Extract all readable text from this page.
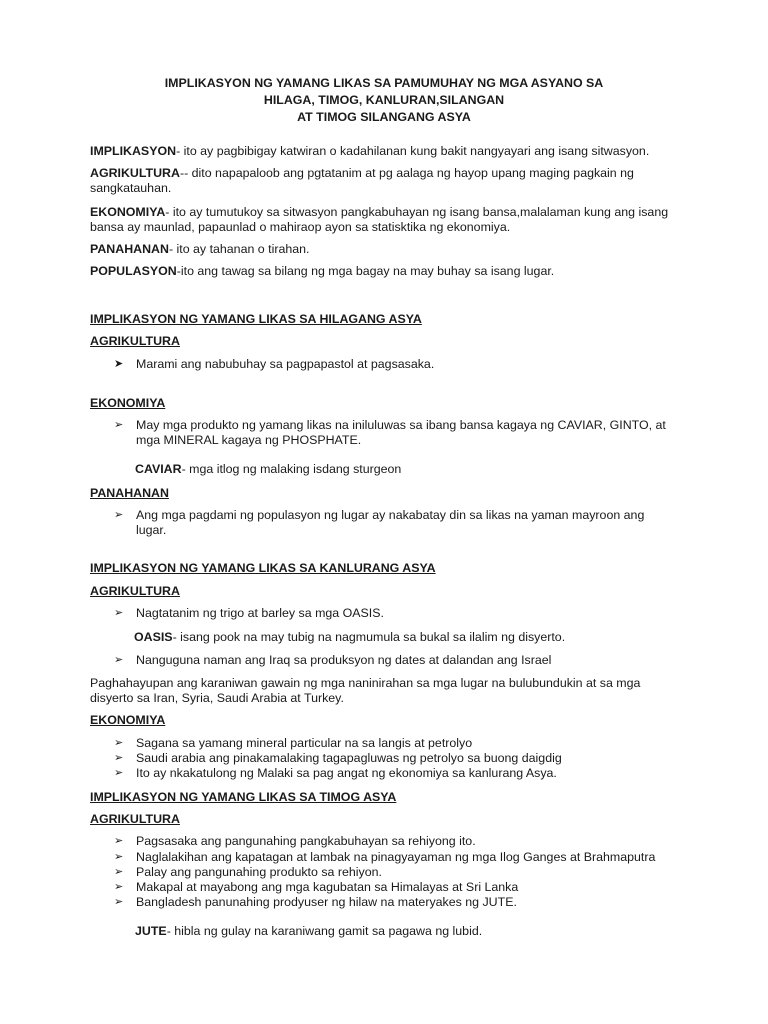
IMPLIKASYON NG YAMANG LIKAS SA PAMUMUHAY NG MGA ASYANO SA
HILAGA, TIMOG, KANLURAN,SILANGAN
AT TIMOG SILANGANG ASYA
IMPLIKASYON- ito ay pagbibigay katwiran o kadahilanan kung bakit nangyayari ang isang sitwasyon.
AGRIKULTURA-- dito napapaloob ang pgtatanim at pg aalaga ng hayop upang maging pagkain ng sangkatauhan.
EKONOMIYA- ito ay tumutukoy sa sitwasyon pangkabuhayan ng isang bansa,malalaman kung ang isang bansa ay maunlad, papaunlad o mahiraop ayon sa statisktika ng ekonomiya.
PANAHANAN- ito ay tahanan o tirahan.
POPULASYON-ito ang tawag sa bilang ng mga bagay na may buhay sa isang lugar.
IMPLIKASYON NG YAMANG LIKAS SA HILAGANG ASYA
AGRIKULTURA
➤	Marami ang nabubuhay sa pagpapastol at pagsasaka.
EKONOMIYA
➢	May mga produkto ng yamang likas na iniluluwas sa ibang bansa kagaya ng CAVIAR, GINTO, at mga MINERAL kagaya ng PHOSPHATE.
CAVIAR- mga itlog ng malaking isdang sturgeon
PANAHANAN
➢	Ang mga pagdami ng populasyon ng lugar ay nakabatay din sa likas na yaman mayroon ang lugar.
IMPLIKASYON NG YAMANG LIKAS SA KANLURANG ASYA
AGRIKULTURA
➢	Nagtatanim ng trigo at barley sa mga OASIS.
OASIS- isang pook na may tubig na nagmumula sa bukal sa ilalim ng disyerto.
➢	Nanguguna naman ang Iraq sa produksyon ng dates at dalandan ang Israel
Paghahayupan ang karaniwan gawain ng mga naninirahan sa mga lugar na bulubundukin at sa mga disyerto sa Iran, Syria, Saudi Arabia at Turkey.
EKONOMIYA
➢	Sagana sa yamang mineral particular na sa langis at petrolyo
➢	Saudi arabia ang pinakamalaking tagapagluwas ng petrolyo sa buong daigdig
➢	Ito ay nkakatulong ng Malaki sa pag angat ng ekonomiya sa kanlurang Asya.
IMPLIKASYON NG YAMANG LIKAS SA TIMOG ASYA
AGRIKULTURA
➢	Pagsasaka ang pangunahing pangkabuhayan sa rehiyong ito.
➢	Naglalakihan ang kapatagan at lambak na pinagyayaman ng mga Ilog Ganges at Brahmaputra
➢	Palay ang pangunahing produkto sa rehiyon.
➢	Makapal at mayabong ang mga kagubatan sa Himalayas at Sri Lanka
➢	Bangladesh panunahing prodyuser ng hilaw na materyakes ng JUTE.
JUTE- hibla ng gulay na karaniwang gamit sa pagawa ng lubid.
